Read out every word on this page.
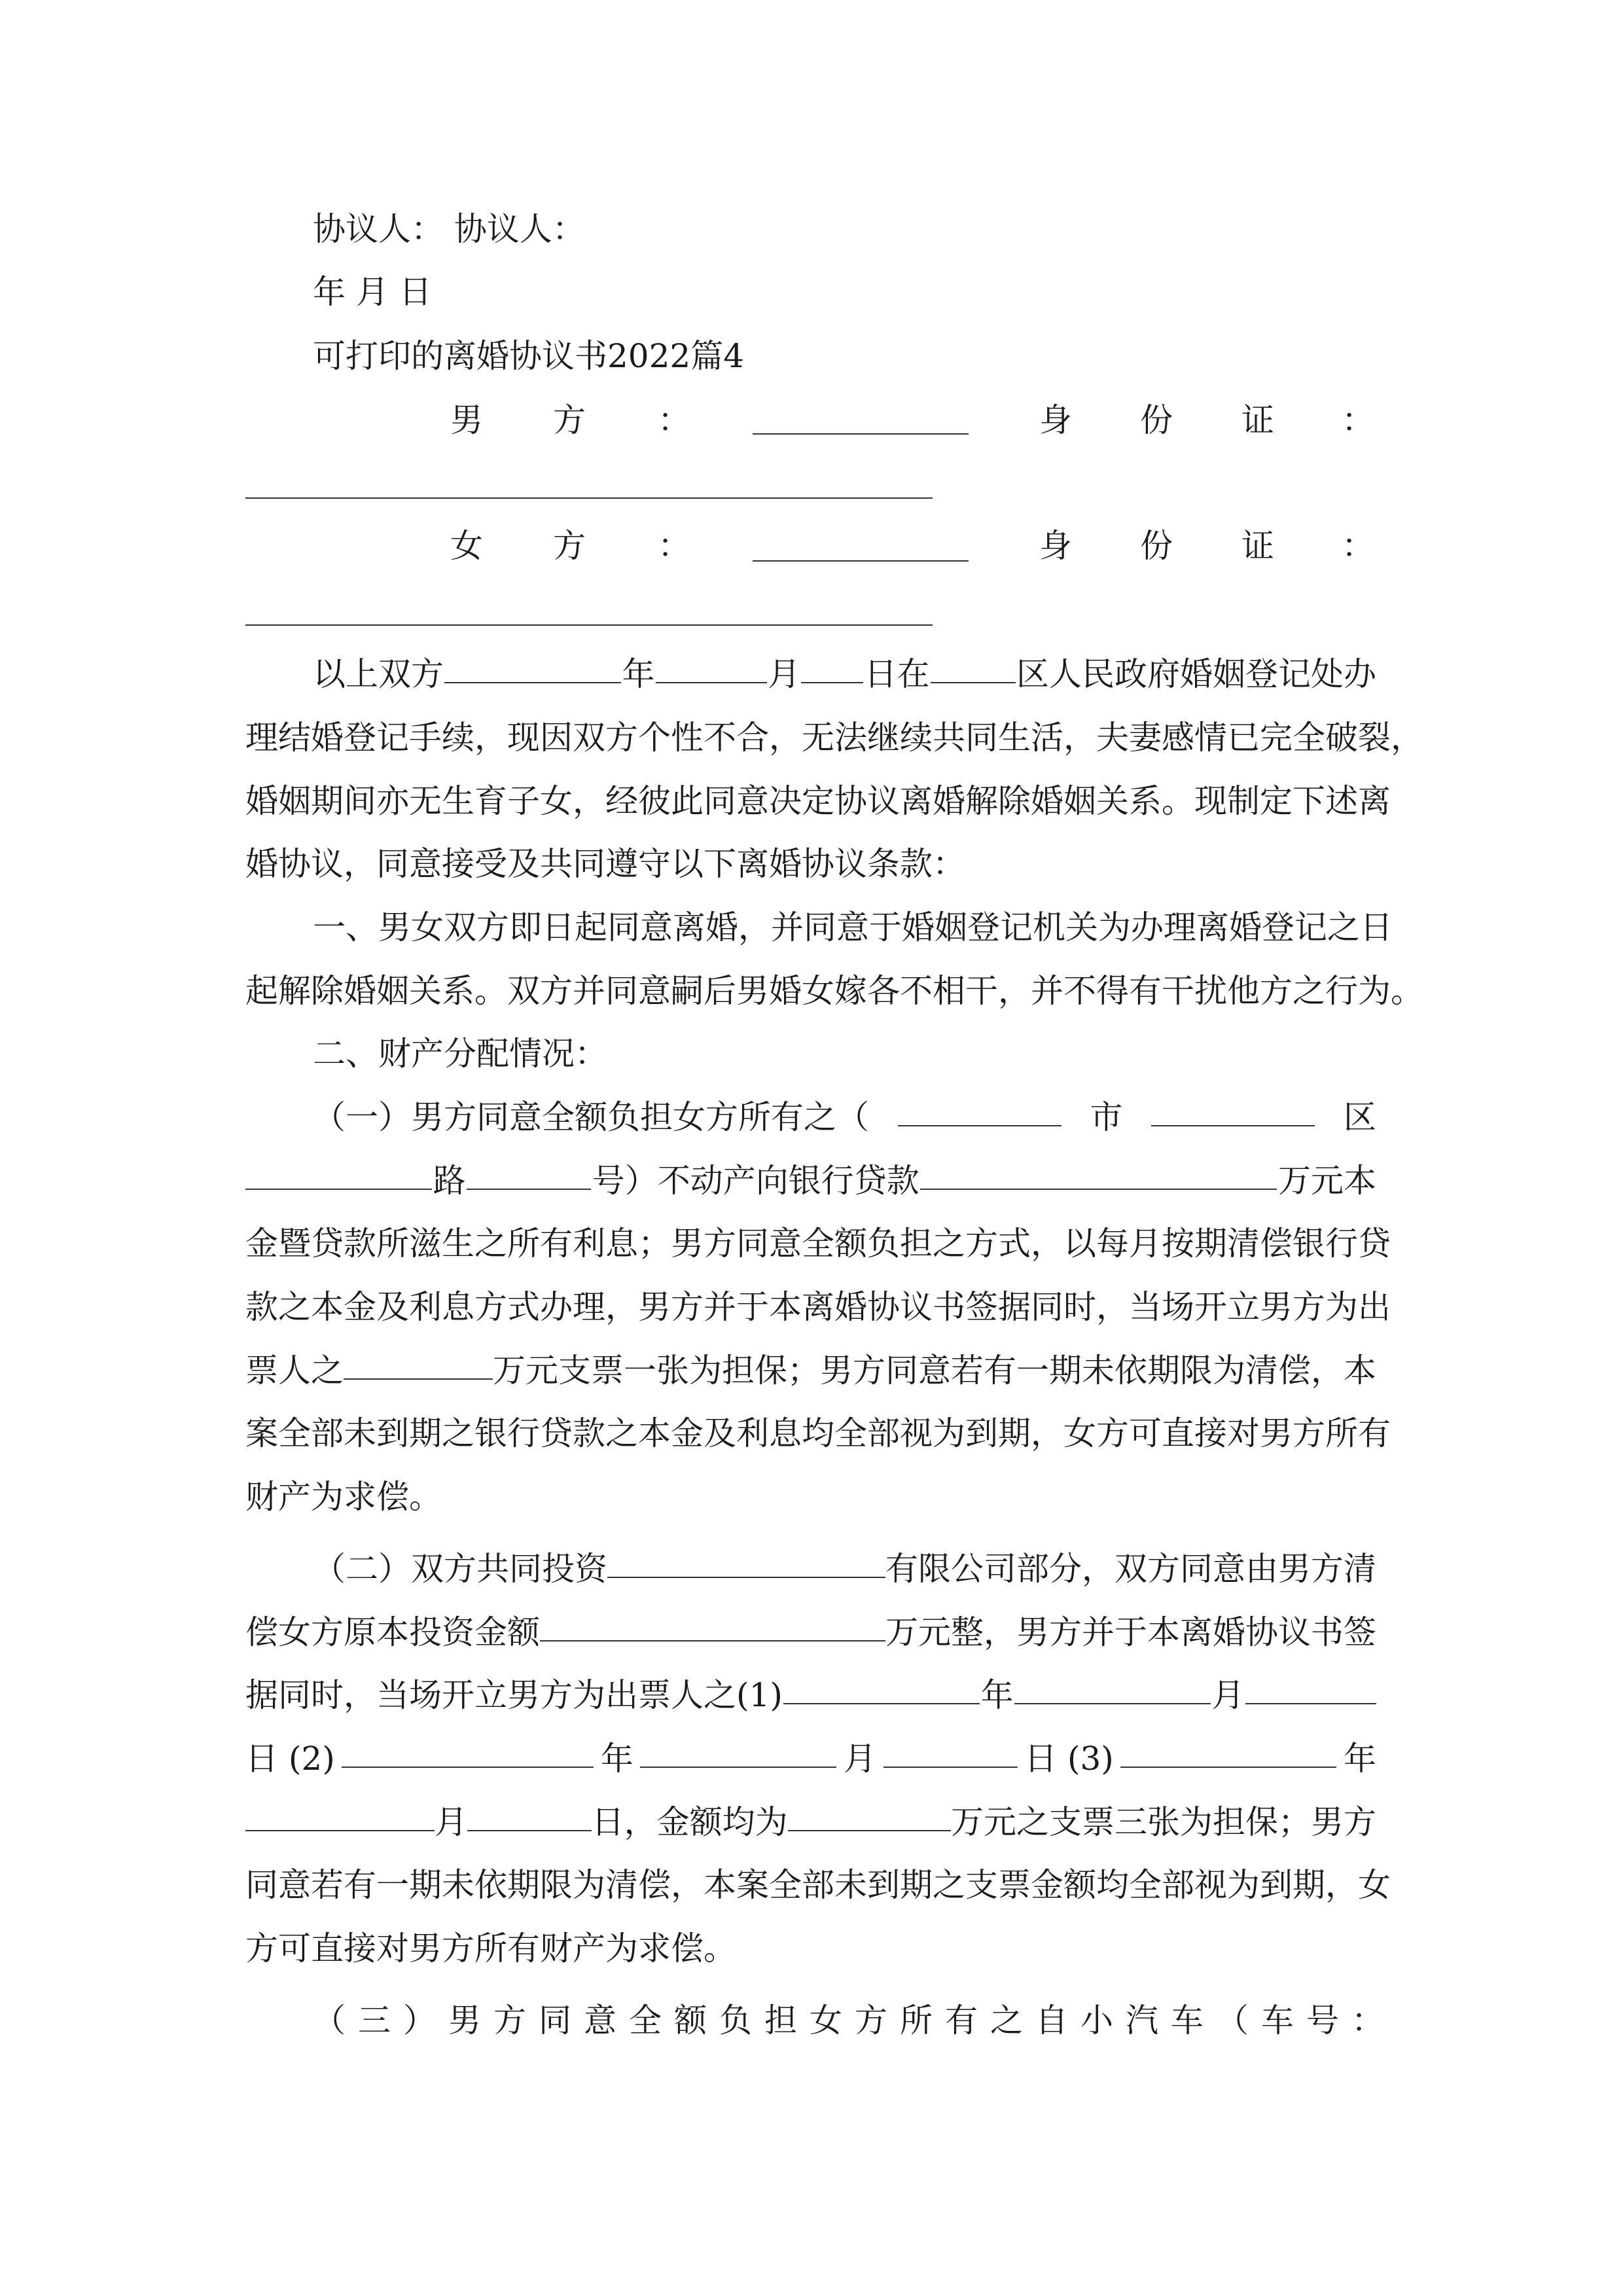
协议人： 协议人：
年 月 日
可打印的离婚协议书2022篇4
男 方 ：	身 份 证 ：
女 方 ：	身 份 证 ：
以上双方	年	月 日在	区人民政府婚姻登记处办
理结婚登记手续，现因双方个性不合，无法继续共同生活，夫妻感情已完全破裂，
婚姻期间亦无生育子女，经彼此同意决定协议离婚解除婚姻关系。现制定下述离
婚协议，同意接受及共同遵守以下离婚协议条款：
一、男女双方即日起同意离婚，并同意于婚姻登记机关为办理离婚登记之日
起解除婚姻关系。双方并同意嗣后男婚女嫁各不相干，并不得有干扰他方之行为。
二、财产分配情况：
（一）男方同意全额负担女方所有之（	市	区
路	号）不动产向银行贷款	万元本
金暨贷款所滋生之所有利息；男方同意全额负担之方式，以每月按期清偿银行贷
款之本金及利息方式办理，男方并于本离婚协议书签据同时，当场开立男方为出
票人之	万元支票一张为担保；男方同意若有一期未依期限为清偿，本
案全部未到期之银行贷款之本金及利息均全部视为到期，女方可直接对男方所有
财产为求偿。
（二）双方共同投资	有限公司部分，双方同意由男方清
偿女方原本投资金额	万元整，男方并于本离婚协议书签
据同时，当场开立男方为出票人之(1)	年	月
日 (2)	年	月	日 (3)	年
月	日，金额均为	万元之支票三张为担保；男方
同意若有一期未依期限为清偿，本案全部未到期之支票金额均全部视为到期，女
方可直接对男方所有财产为求偿。
（三）男方同意全额负担女方所有之自小汽车（车号：
